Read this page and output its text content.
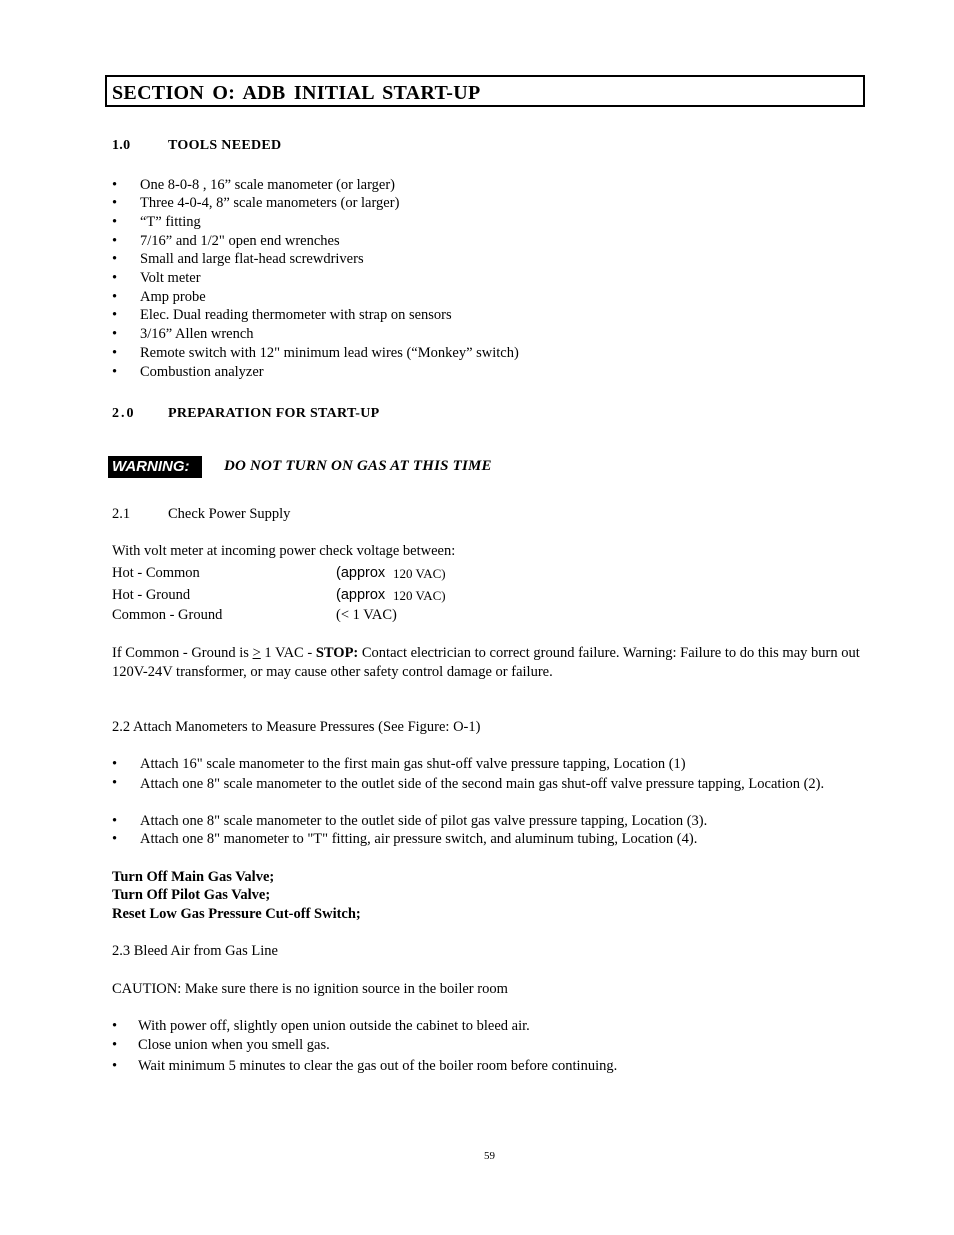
SECTION O: ADB INITIAL START-UP
1.0	TOOLS NEEDED
• One 8-0-8 , 16” scale manometer (or larger)
• Three 4-0-4, 8” scale manometers (or larger)
• “T” fitting
• 7/16” and 1/2" open end wrenches
• Small and large flat-head screwdrivers
• Volt meter
• Amp probe
• Elec. Dual reading thermometer with strap on sensors
• 3/16” Allen wrench
• Remote switch with 12" minimum lead wires (“Monkey” switch)
• Combustion analyzer
2.0 PREPARATION FOR START-UP
WARNING:	DO NOT TURN ON GAS AT THIS TIME
2.1	Check Power Supply
With volt meter at incoming power check voltage between:
Hot - Common	(approx 120 VAC)
Hot - Ground	(approx 120 VAC)
Common - Ground	(< 1 VAC)
If Common - Ground is ≥ 1 VAC - STOP: Contact electrician to correct ground failure. Warning: Failure to do this may burn out 120V-24V transformer, or may cause other safety control damage or failure.
2.2 Attach Manometers to Measure Pressures (See Figure: O-1)
• Attach 16" scale manometer to the first main gas shut-off valve pressure tapping, Location (1)
• Attach one 8" scale manometer to the outlet side of the second main gas shut-off valve pressure tapping, Location (2).
• Attach one 8" scale manometer to the outlet side of pilot gas valve pressure tapping, Location (3).
• Attach one 8" manometer to "T" fitting, air pressure switch, and aluminum tubing, Location (4).
Turn Off Main Gas Valve;
Turn Off Pilot Gas Valve;
Reset Low Gas Pressure Cut-off Switch;
2.3 Bleed Air from Gas Line
CAUTION: Make sure there is no ignition source in the boiler room
• With power off, slightly open union outside the cabinet to bleed air.
• Close union when you smell gas.
• Wait minimum 5 minutes to clear the gas out of the boiler room before continuing.
59
